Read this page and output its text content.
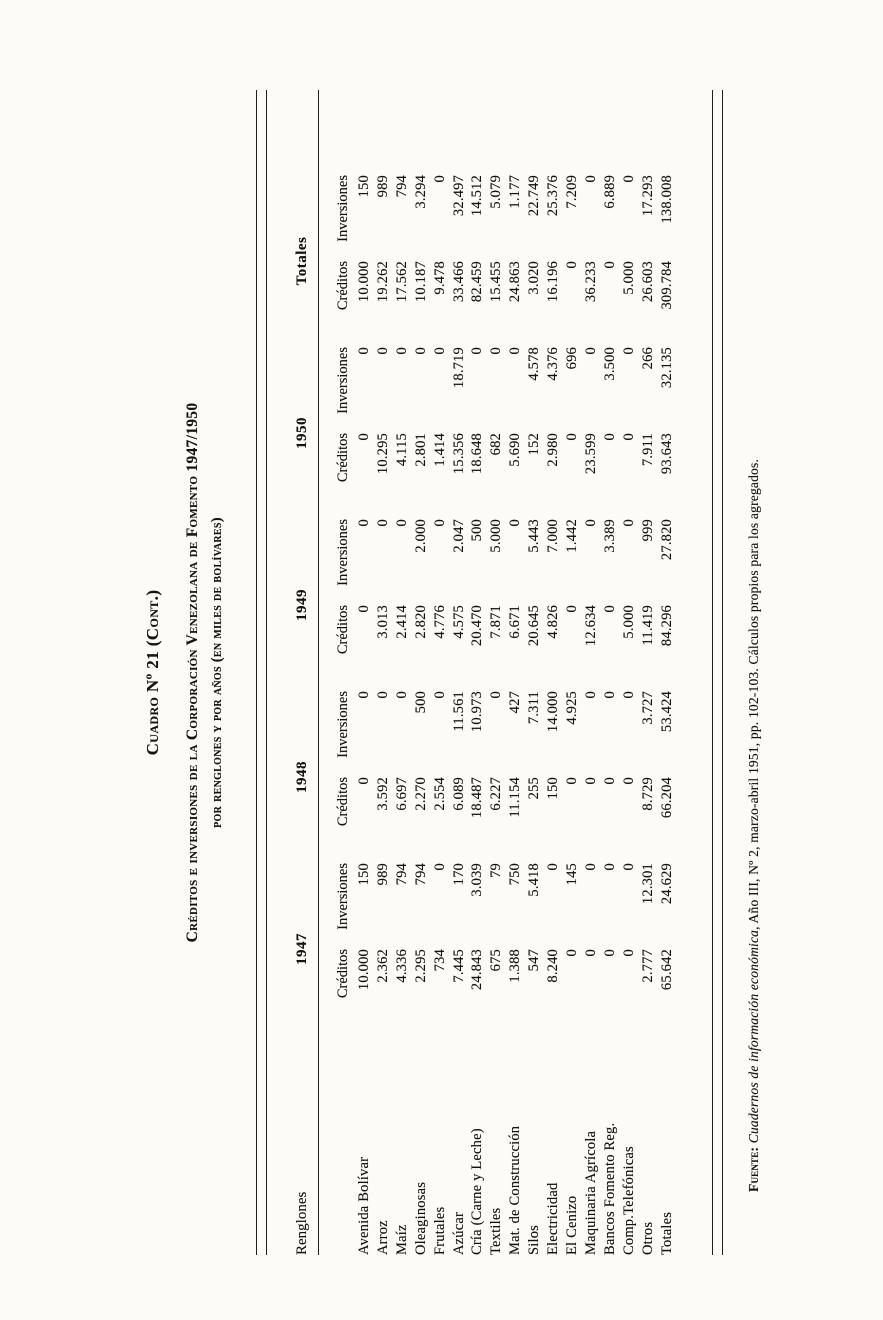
Cuadro Nº 21 (Cont.) Créditos e inversiones de la Corporación Venezolana de Fomento 1947/1950 por renglones y por años (en miles de bolívares)
Renglones	1947		1948		1949		1950		Totales		
	Créditos	Inversiones	Créditos	Inversiones	Créditos	Inversiones	Créditos	Inversiones	Créditos	Inversiones	
Avenida Bolívar	10.000	150	0	0	0	0	0	0	10.000	150	
Arroz	2.362	989	3.592	0	3.013	0	10.295	0	19.262	989	
Maíz	4.336	794	6.697	0	2.414	0	4.115	0	17.562	794	
Oleaginosas	2.295	794	2.270	500	2.820	2.000	2.801	0	10.187	3.294	
Frutales	734	0	2.554	0	4.776	0	1.414	0	9.478	0	
Azúcar	7.445	170	6.089	11.561	4.575	2.047	15.356	18.719	33.466	32.497	
Cría (Carne y Leche)	24.843	3.039	18.487	10.973	20.470	500	18.648	0	82.459	14.512	
Textiles	675	79	6.227	0	7.871	5.000	682	0	15.455	5.079	
Mat. de Construcción	1.388	750	11.154	427	6.671	0	5.690	0	24.863	1.177	
Silos	547	5.418	255	7.311	20.645	5.443	152	4.578	3.020	22.749	
Electricidad	8.240	0	150	14.000	4.826	7.000	2.980	4.376	16.196	25.376	
El Cenizo	0	145	0	4.925	0	1.442	0	696	0	7.209	
Maquinaria Agrícola	0	0	0	0	12.634	0	23.599	0	36.233	0	
Bancos Fomento Reg.	0	0	0	0	0	3.389	0	3.500	0	6.889	
Comp.Telefónicas	0	0	0	0	5.000	0	0	0	5.000	0	
Otros	2.777	12.301	8.729	3.727	11.419	999	7.911	266	26.603	17.293	
Totales	65.642	24.629	66.204	53.424	84.296	27.820	93.643	32.135	309.784	138.008	
Fuente: Cuadernos de información económica, Año III, Nº 2, marzo-abril 1951, pp. 102-103. Cálculos propios para los agregados.
